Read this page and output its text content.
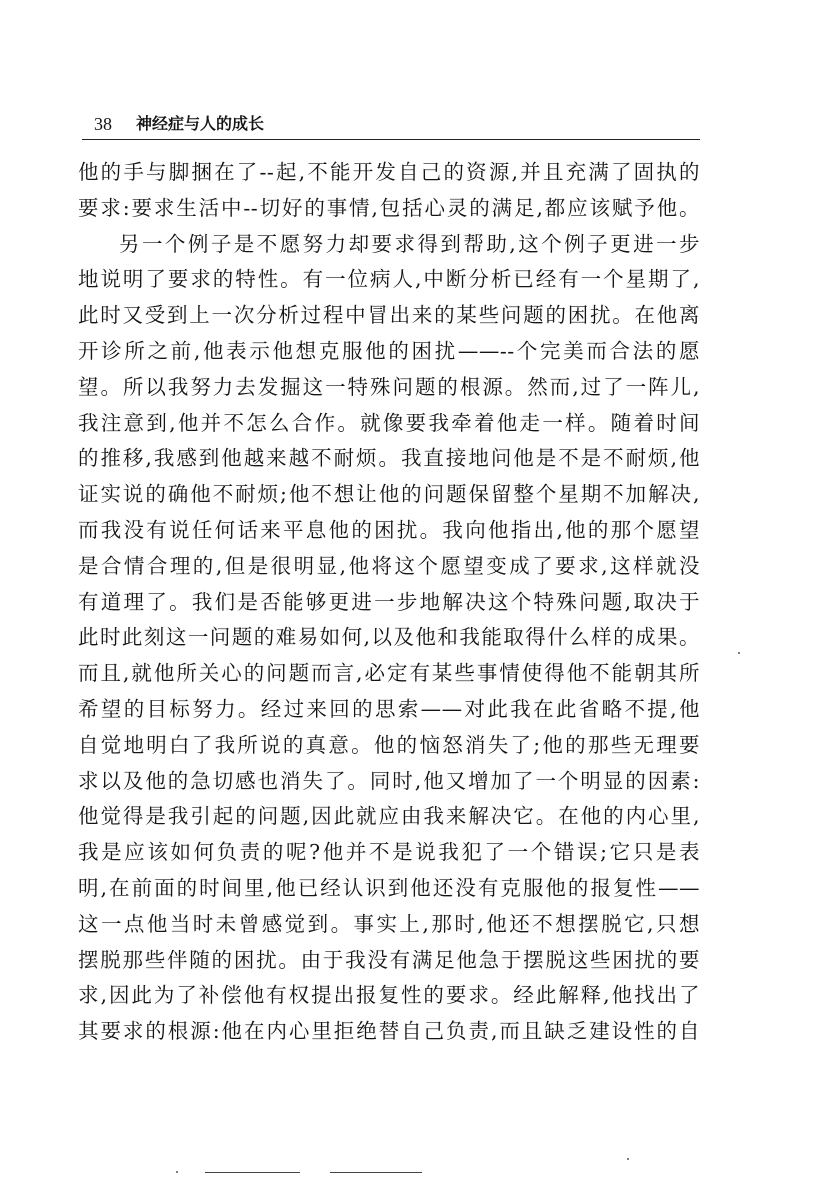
38 神经症与人的成长
他的手与脚捆在了--起,不能开发自己的资源,并且充满了固执的
要求:要求生活中--切好的事情,包括心灵的满足,都应该赋予他。
另一个例子是不愿努力却要求得到帮助,这个例子更进一步
地说明了要求的特性。有一位病人,中断分析已经有一个星期了,
此时又受到上一次分析过程中冒出来的某些问题的困扰。在他离
开诊所之前,他表示他想克服他的困扰——--个完美而合法的愿
望。所以我努力去发掘这一特殊问题的根源。然而,过了一阵儿,
我注意到,他并不怎么合作。就像要我牵着他走一样。随着时间
的推移,我感到他越来越不耐烦。我直接地问他是不是不耐烦,他
证实说的确他不耐烦;他不想让他的问题保留整个星期不加解决,
而我没有说任何话来平息他的困扰。我向他指出,他的那个愿望
是合情合理的,但是很明显,他将这个愿望变成了要求,这样就没
有道理了。我们是否能够更进一步地解决这个特殊问题,取决于
此时此刻这一问题的难易如何,以及他和我能取得什么样的成果。
而且,就他所关心的问题而言,必定有某些事情使得他不能朝其所
希望的目标努力。经过来回的思索——对此我在此省略不提,他
自觉地明白了我所说的真意。他的恼怒消失了;他的那些无理要
求以及他的急切感也消失了。同时,他又增加了一个明显的因素:
他觉得是我引起的问题,因此就应由我来解决它。在他的内心里,
我是应该如何负责的呢?他并不是说我犯了一个错误;它只是表
明,在前面的时间里,他已经认识到他还没有克服他的报复性——
这一点他当时未曾感觉到。事实上,那时,他还不想摆脱它,只想
摆脱那些伴随的困扰。由于我没有满足他急于摆脱这些困扰的要
求,因此为了补偿他有权提出报复性的要求。经此解释,他找出了
其要求的根源:他在内心里拒绝替自己负责,而且缺乏建设性的自
